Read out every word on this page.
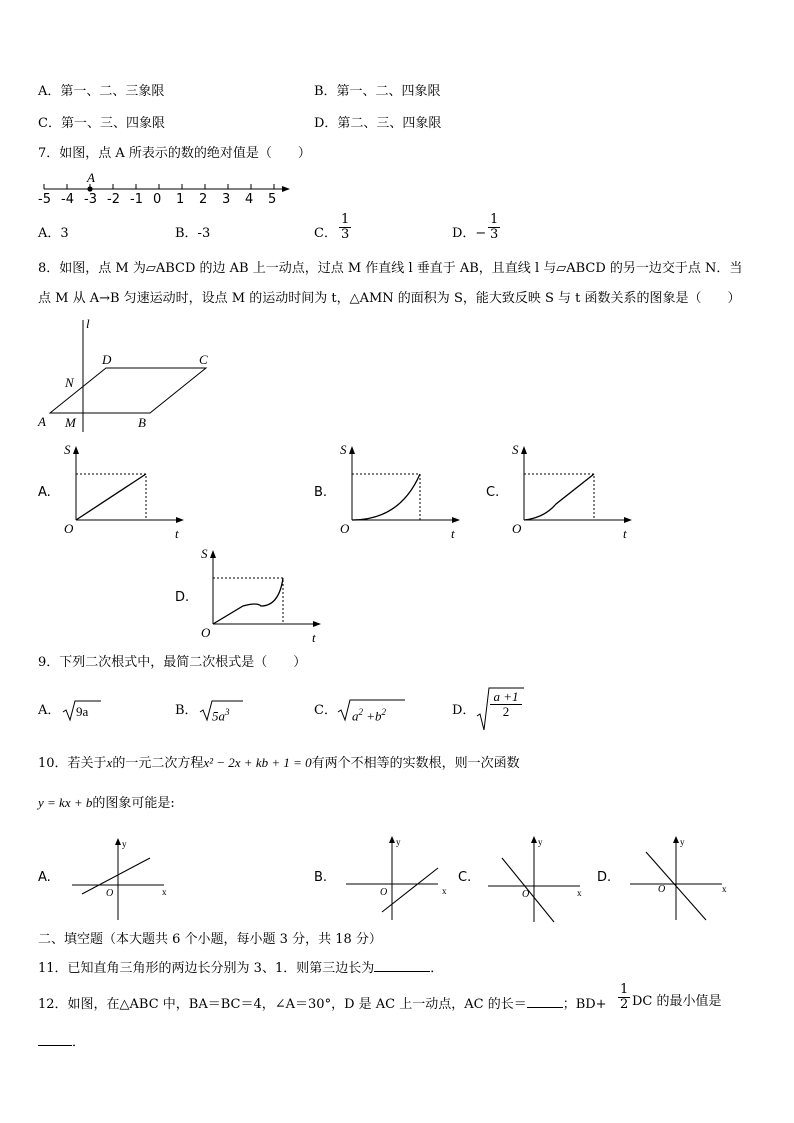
A．第一、二、三象限	B．第一、二、四象限
C．第一、三、四象限	D．第二、三、四象限
7．如图，点 A 所表示的数的绝对值是（　　）
A
-5 -4 -3 -2 -1 0 1 2 3 4 5
A．3	B．-3	C． $\frac{1}{3}$	D．− $\frac{1}{3}$
8．如图，点 M 为▱ABCD 的边 AB 上一动点，过点 M 作直线 l 垂直于 AB，且直线 l 与▱ABCD 的另一边交于点 N．当
点 M 从 A→B 匀速运动时，设点 M 的运动时间为 t，△AMN 的面积为 S，能大致反映 S 与 t 函数关系的图象是（　　）
l
D	C
N
A M	B
A.
S
O	t
B.
S
O	t
C.
S
O	t
D.
S
O	t
9．下列二次根式中，最简二次根式是（　　）
A． 9a	B． $5a^3$	C． $a^2 +b^2$	D． $\frac{a +1}{2}$
10．若关于x的一元二次方程x² − 2x + kb + 1 = 0有两个不相等的实数根，则一次函数
y = kx + b的图象可能是:
A.
y
x
O
B.
y
x
O
C.
y
x
O
D.
y
x
O
二、填空题（本大题共 6 个小题，每小题 3 分，共 18 分）
11．已知直角三角形的两边长分别为 3、1．则第三边长为	．
12．如图，在△ABC 中，BA＝BC＝4，∠A＝30°，D 是 AC 上一动点，AC 的长＝	；$BD+ \frac{1}{2}$ DC 的最小值是
．
